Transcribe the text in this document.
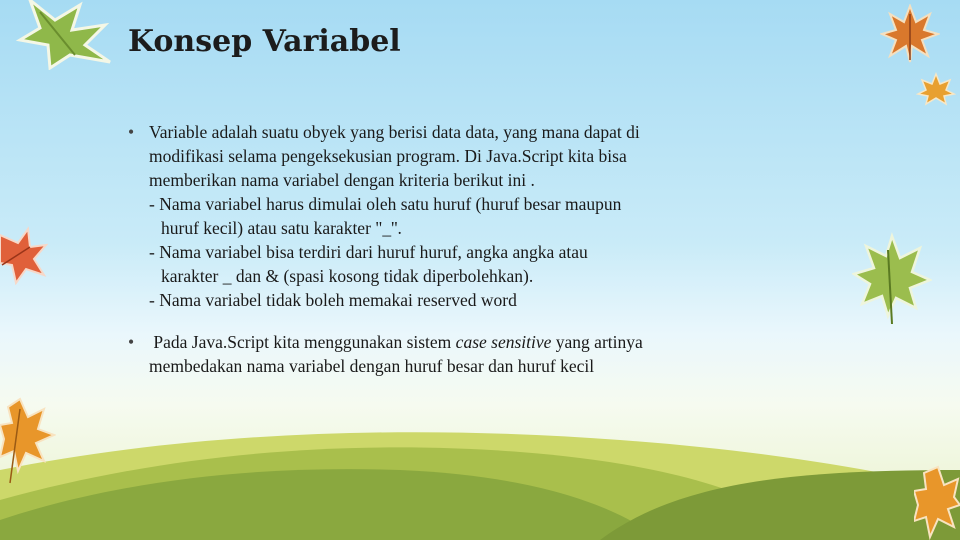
Konsep Variabel
• Variable adalah suatu obyek yang berisi data data, yang mana dapat di
modifikasi selama pengeksekusian program. Di Java.Script kita bisa
memberikan nama variabel dengan kriteria berikut ini .
- Nama variabel harus dimulai oleh satu huruf (huruf besar maupun
huruf kecil) atau satu karakter "_''.
- Nama variabel bisa terdiri dari huruf huruf, angka angka atau
karakter _ dan & (spasi kosong tidak diperbolehkan).
- Nama variabel tidak boleh memakai reserved word
• Pada Java.Script kita menggunakan sistem case sensitive yang artinya
membedakan nama variabel dengan huruf besar dan huruf kecil
